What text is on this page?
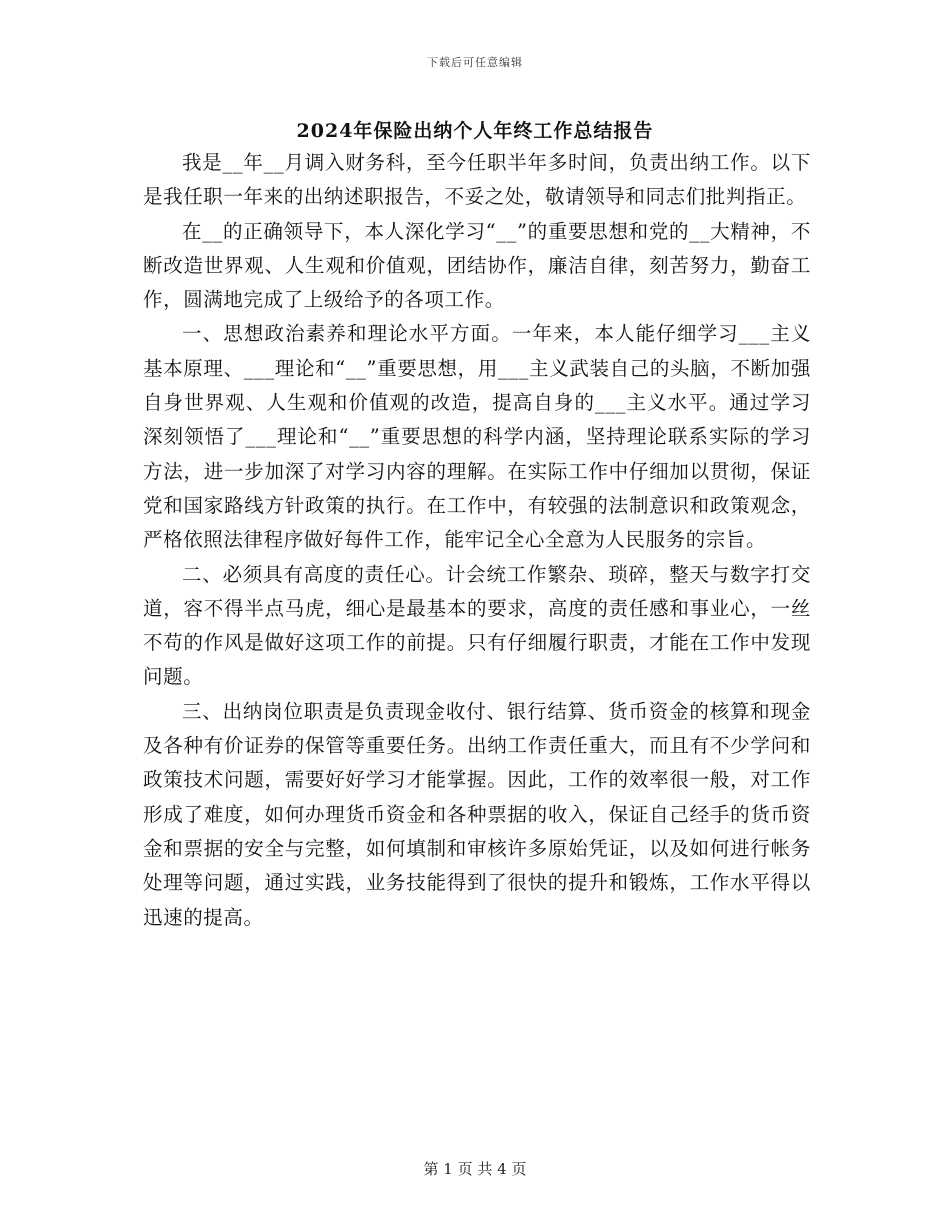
下载后可任意编辑
2024年保险出纳个人年终工作总结报告

我是__年__月调入财务科，至今任职半年多时间，负责出纳工作。以下是我任职一年来的出纳述职报告，不妥之处，敬请领导和同志们批判指正。

在__的正确领导下，本人深化学习“__”的重要思想和党的__大精神，不断改造世界观、人生观和价值观，团结协作，廉洁自律，刻苦努力，勤奋工作，圆满地完成了上级给予的各项工作。

一、思想政治素养和理论水平方面。一年来，本人能仔细学习___主义基本原理、___理论和“__”重要思想，用___主义武装自己的头脑，不断加强自身世界观、人生观和价值观的改造，提高自身的___主义水平。通过学习深刻领悟了___理论和“__”重要思想的科学内涵，坚持理论联系实际的学习方法，进一步加深了对学习内容的理解。在实际工作中仔细加以贯彻，保证党和国家路线方针政策的执行。在工作中，有较强的法制意识和政策观念，严格依照法律程序做好每件工作，能牢记全心全意为人民服务的宗旨。

二、必须具有高度的责任心。计会统工作繁杂、琐碎，整天与数字打交道，容不得半点马虎，细心是最基本的要求，高度的责任感和事业心，一丝不苟的作风是做好这项工作的前提。只有仔细履行职责，才能在工作中发现问题。

三、出纳岗位职责是负责现金收付、银行结算、货币资金的核算和现金及各种有价证券的保管等重要任务。出纳工作责任重大，而且有不少学问和政策技术问题，需要好好学习才能掌握。因此，工作的效率很一般，对工作形成了难度，如何办理货币资金和各种票据的收入，保证自己经手的货币资金和票据的安全与完整，如何填制和审核许多原始凭证，以及如何进行帐务处理等问题，通过实践，业务技能得到了很快的提升和锻炼，工作水平得以迅速的提高。

第 1 页 共 4 页
